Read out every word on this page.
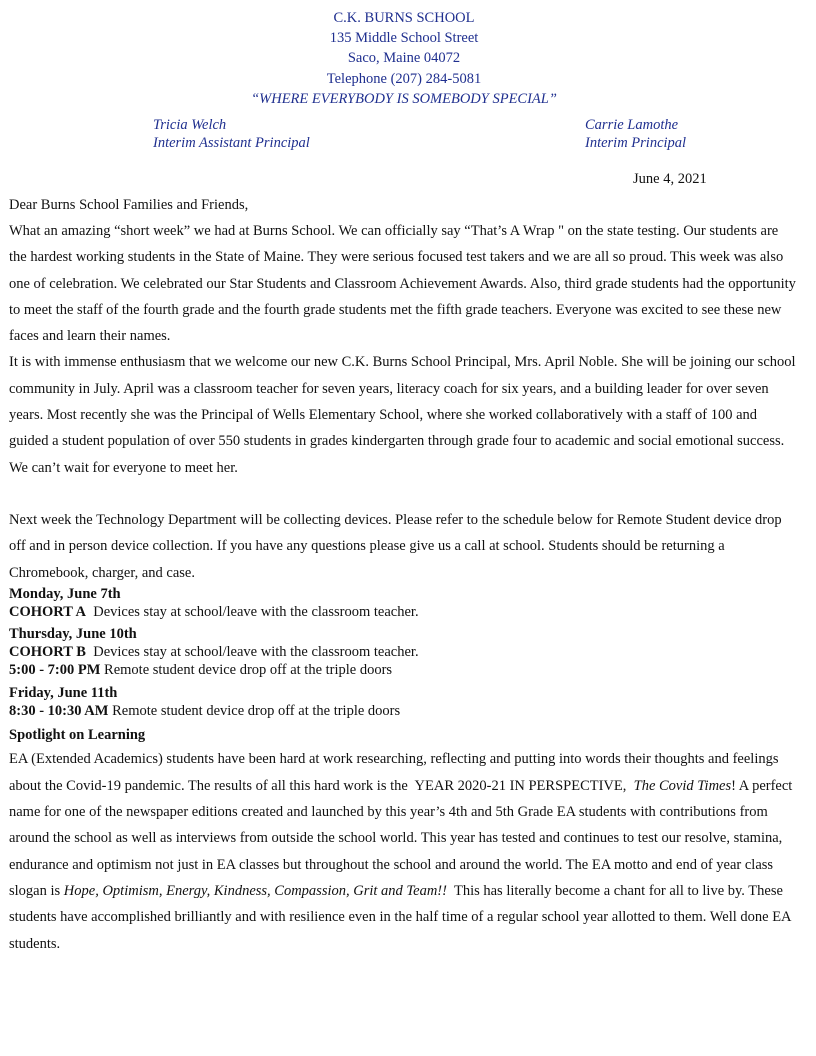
C.K. BURNS SCHOOL
135 Middle School Street
Saco, Maine 04072
Telephone (207) 284-5081
“WHERE EVERYBODY IS SOMEBODY SPECIAL”
Tricia Welch
Interim Assistant Principal
Carrie Lamothe
Interim Principal
June 4, 2021

Dear Burns School Families and Friends,

What an amazing “short week” we had at Burns School. We can officially say “That’s A Wrap " on the state testing. Our students are the hardest working students in the State of Maine. They were serious focused test takers and we are all so proud. This week was also one of celebration. We celebrated our Star Students and Classroom Achievement Awards. Also, third grade students had the opportunity to meet the staff of the fourth grade and the fourth grade students met the fifth grade teachers. Everyone was excited to see these new faces and learn their names.

It is with immense enthusiasm that we welcome our new C.K. Burns School Principal, Mrs. April Noble. She will be joining our school community in July. April was a classroom teacher for seven years, literacy coach for six years, and a building leader for over seven years. Most recently she was the Principal of Wells Elementary School, where she worked collaboratively with a staff of 100 and guided a student population of over 550 students in grades kindergarten through grade four to academic and social emotional success. We can’t wait for everyone to meet her.

Next week the Technology Department will be collecting devices. Please refer to the schedule below for Remote Student device drop off and in person device collection. If you have any questions please give us a call at school. Students should be returning a Chromebook, charger, and case.

Monday, June 7th
COHORT A  Devices stay at school/leave with the classroom teacher.
Thursday, June 10th
COHORT B  Devices stay at school/leave with the classroom teacher.
5:00 - 7:00 PM Remote student device drop off at the triple doors
Friday, June 11th
8:30 - 10:30 AM Remote student device drop off at the triple doors

Spotlight on Learning

EA (Extended Academics) students have been hard at work researching, reflecting and putting into words their thoughts and feelings about the Covid-19 pandemic. The results of all this hard work is the  YEAR 2020-21 IN PERSPECTIVE,  The Covid Times! A perfect name for one of the newspaper editions created and launched by this year’s 4th and 5th Grade EA students with contributions from around the school as well as interviews from outside the school world. This year has tested and continues to test our resolve, stamina, endurance and optimism not just in EA classes but throughout the school and around the world. The EA motto and end of year class slogan is Hope, Optimism, Energy, Kindness, Compassion, Grit and Team!!  This has literally become a chant for all to live by. These students have accomplished brilliantly and with resilience even in the half time of a regular school year allotted to them. Well done EA students.
